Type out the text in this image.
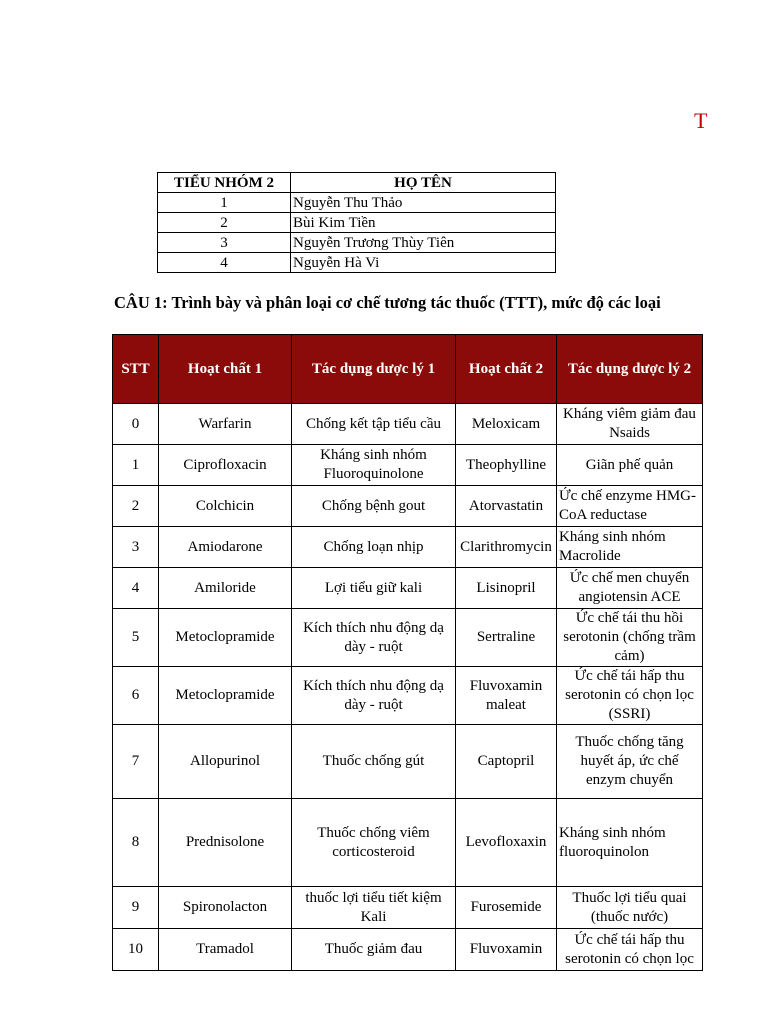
T
TIỂU NHÓM 2	HỌ TÊN
1	Nguyễn Thu Thảo
2	Bùi Kim Tiền
3	Nguyễn Trương Thùy Tiên
4	Nguyễn Hà Vi
CÂU 1: Trình bày và phân loại cơ chế tương tác thuốc (TTT), mức độ các loại
STT	Hoạt chất 1	Tác dụng dược lý 1	Hoạt chất 2	Tác dụng dược lý 2
0	Warfarin	Chống kết tập tiểu cầu	Meloxicam	Kháng viêm giảm đau Nsaids
1	Ciprofloxacin	Kháng sinh nhóm Fluoroquinolone	Theophylline	Giãn phế quản
2	Colchicin	Chống bệnh gout	Atorvastatin	Ức chế enzyme HMG-CoA reductase
3	Amiodarone	Chống loạn nhịp	Clarithromycin	Kháng sinh nhóm Macrolide
4	Amiloride	Lợi tiểu giữ kali	Lisinopril	Ức chế men chuyển angiotensin ACE
5	Metoclopramide	Kích thích nhu động dạ dày - ruột	Sertraline	Ức chế tái thu hồi serotonin (chống trầm cảm)
6	Metoclopramide	Kích thích nhu động dạ dày - ruột	Fluvoxamin maleat	Ức chế tái hấp thu serotonin có chọn lọc (SSRI)
7	Allopurinol	Thuốc chống gút	Captopril	Thuốc chống tăng huyết áp, ức chế enzym chuyển
8	Prednisolone	Thuốc chống viêm corticosteroid	Levofloxaxin	Kháng sinh nhóm fluoroquinolon
9	Spironolacton	thuốc lợi tiểu tiết kiệm Kali	Furosemide	Thuốc lợi tiểu quai (thuốc nước)
10	Tramadol	Thuốc giảm đau	Fluvoxamin	Ức chế tái hấp thu serotonin có chọn lọc
